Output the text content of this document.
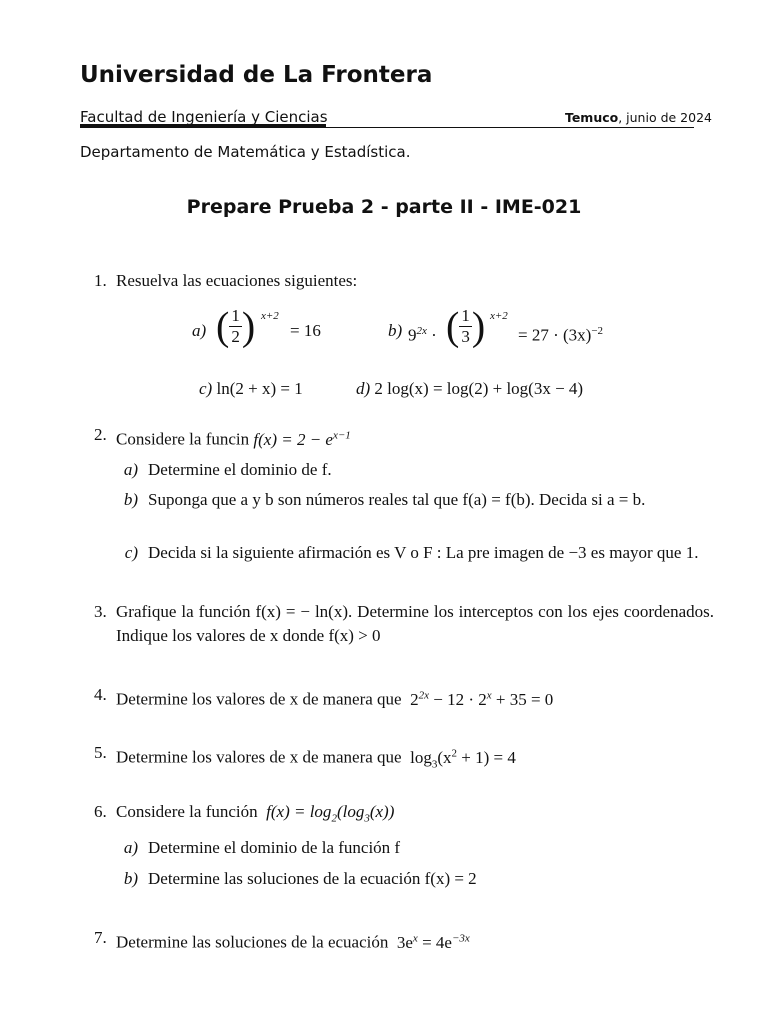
Universidad de La Frontera
Facultad de Ingeniería y Ciencias	Temuco, junio de 2024
Departamento de Matemática y Estadística.
Prepare Prueba 2 - parte II - IME-021
1. Resuelva las ecuaciones siguientes:
a) ( $\frac{1}{2}$ ) x+2
= 16	b) $9^{2x}$ · ( $\frac{1}{3}$ ) x+2
= $27 \cdot (3x)^{-2}$
c) ln(2 + x) = 1	d) 2 log(x) = log(2) + log(3x − 4)
2. Considere la funcin $f(x) = 2 - e^{x-1}$
a) Determine el dominio de f.
b) Suponga que a y b son números reales tal que f(a) = f(b). Decida si a = b.
c) Decida si la siguiente afirmación es V o F : La pre imagen de −3 es mayor que 1.
3. Grafique la función f(x) = − ln(x). Determine los interceptos con los ejes coordenados. Indique los valores de x donde f(x) > 0
4. Determine los valores de x de manera que $2^{2x} - 12 \cdot 2^x + 35 = 0$
5. Determine los valores de x de manera que $\log_3(x^2 + 1) = 4$
6. Considere la función $f(x) = \log_2(\log_3(x))$
a) Determine el dominio de la función f
b) Determine las soluciones de la ecuación f(x) = 2
7. Determine las soluciones de la ecuación $3e^x = 4e^{-3x}$
